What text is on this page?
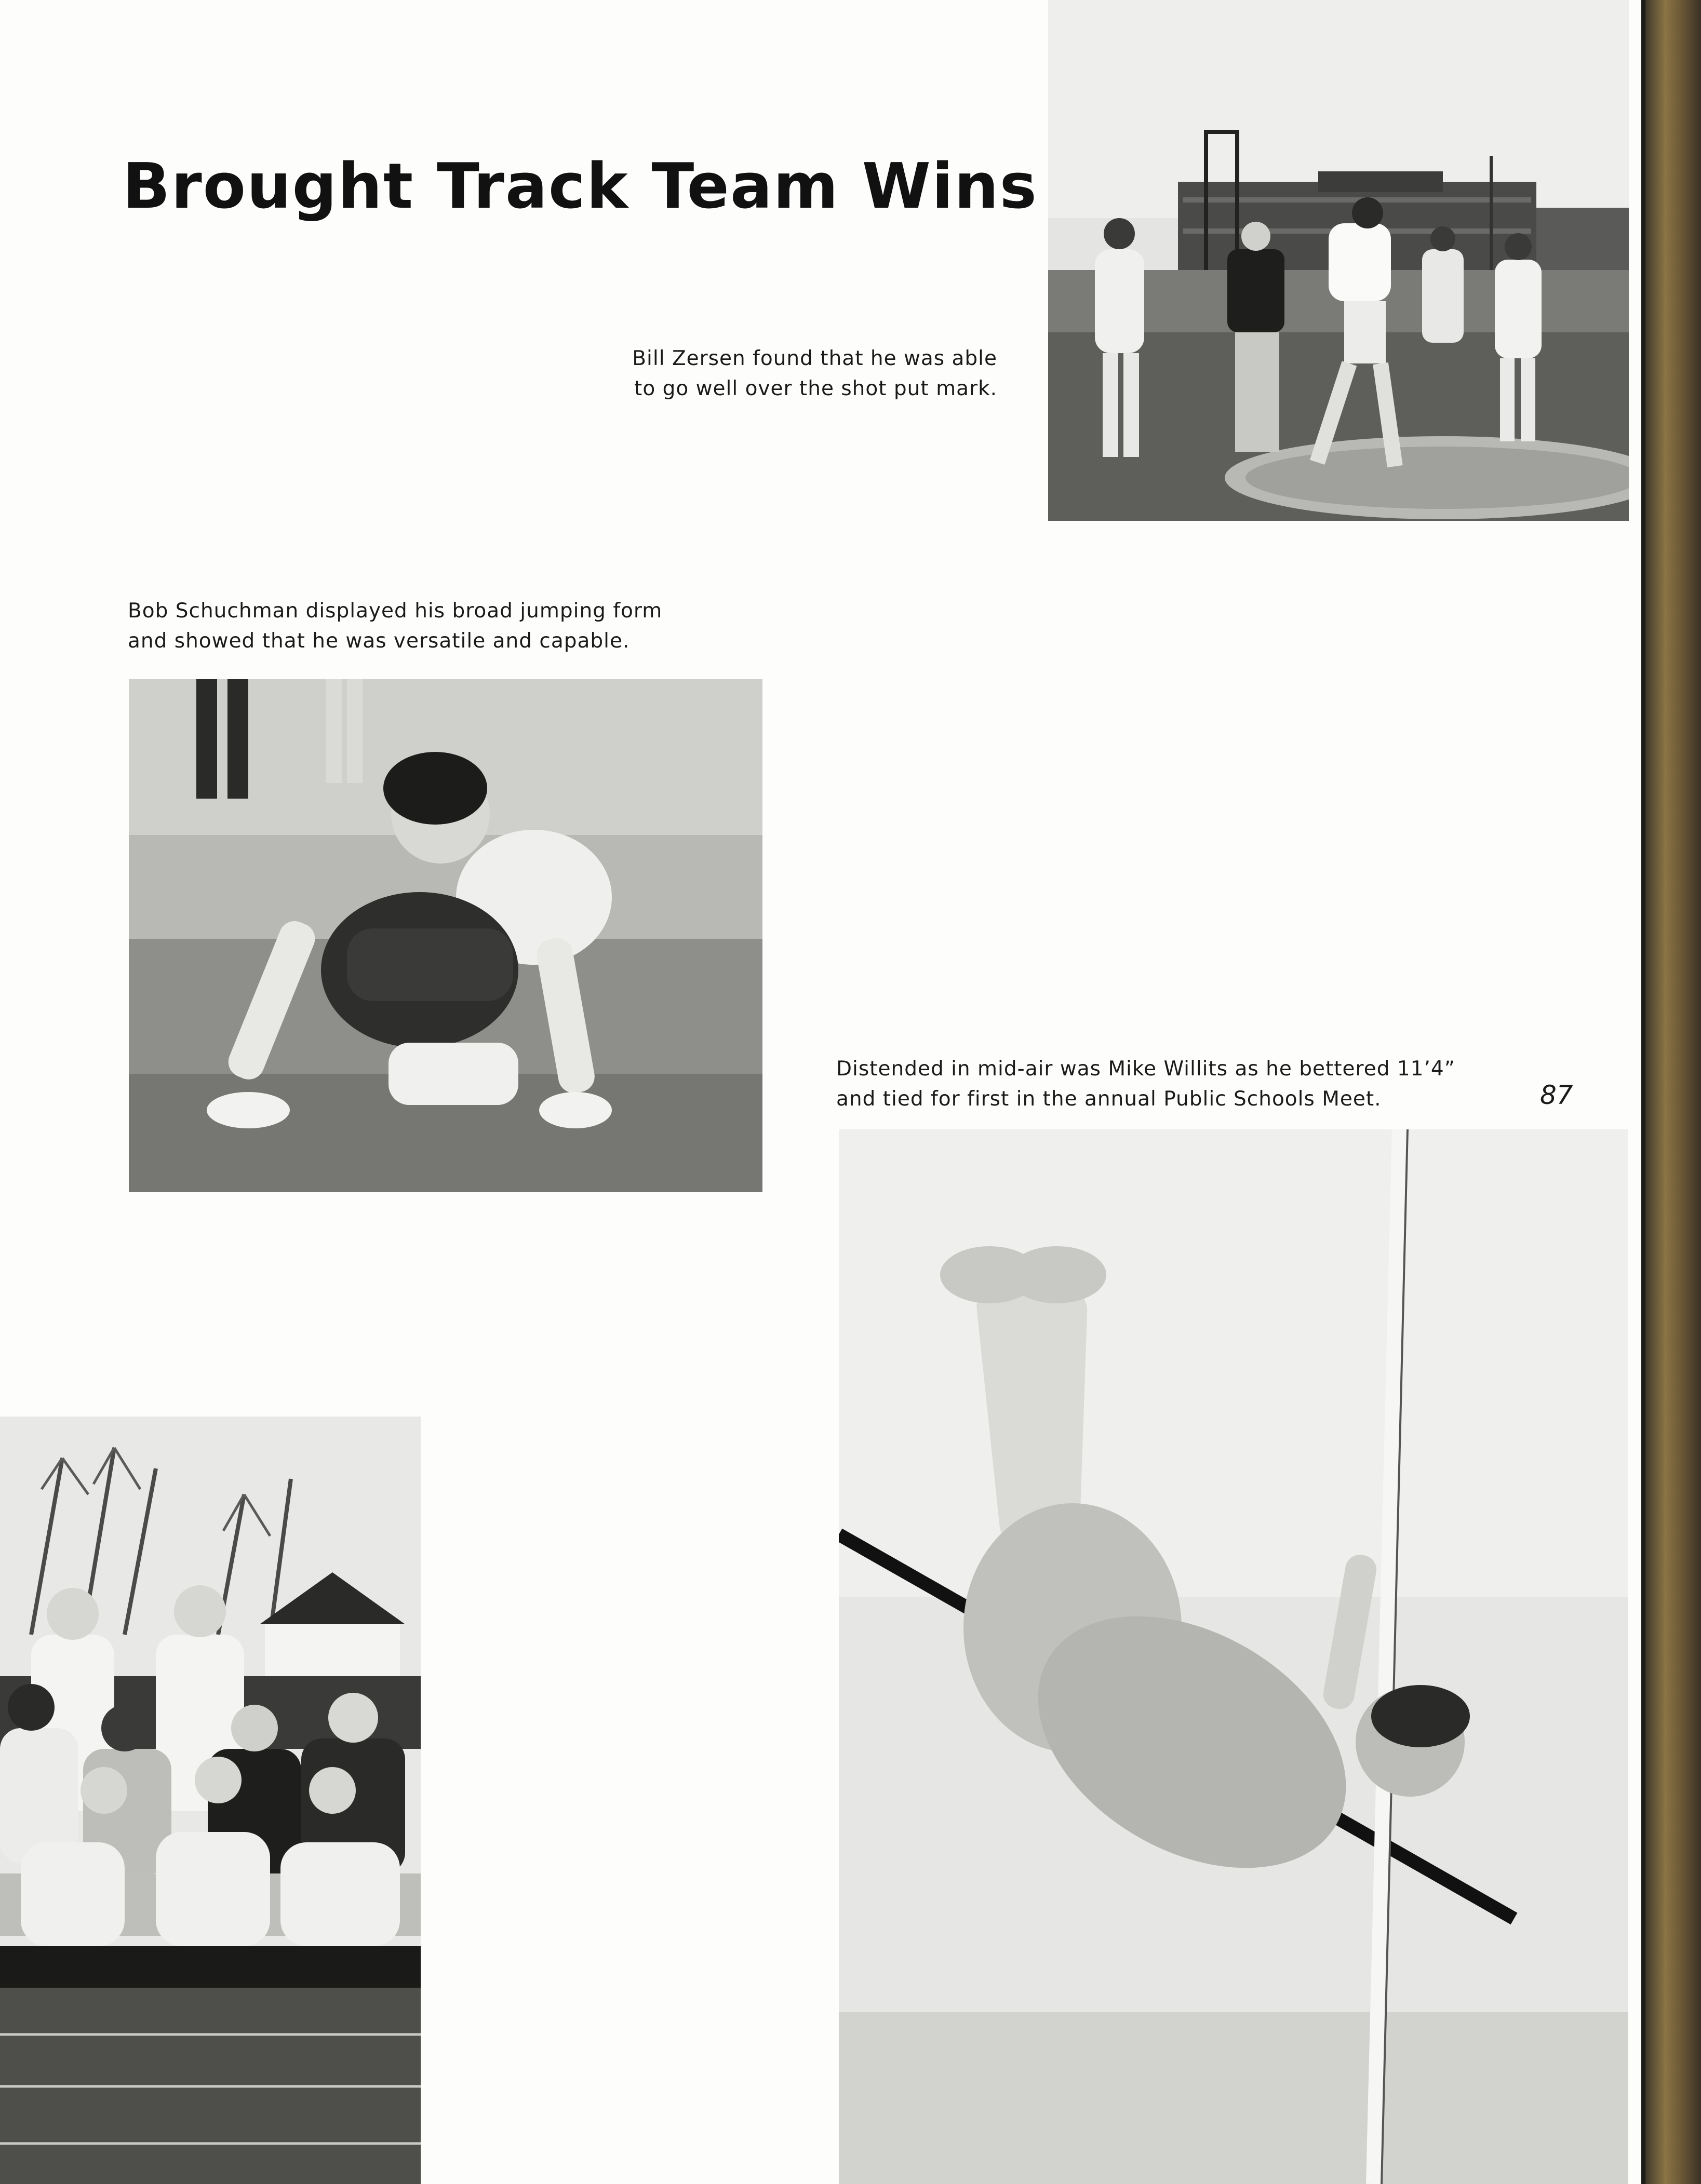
Brought Track Team Wins
Bill Zersen found that he was able
to go well over the shot put mark.
Bob Schuchman displayed his broad jumping form
and showed that he was versatile and capable.
Distended in mid-air was Mike Willits as he bettered 11’4”
and tied for first in the annual Public Schools Meet.	87
